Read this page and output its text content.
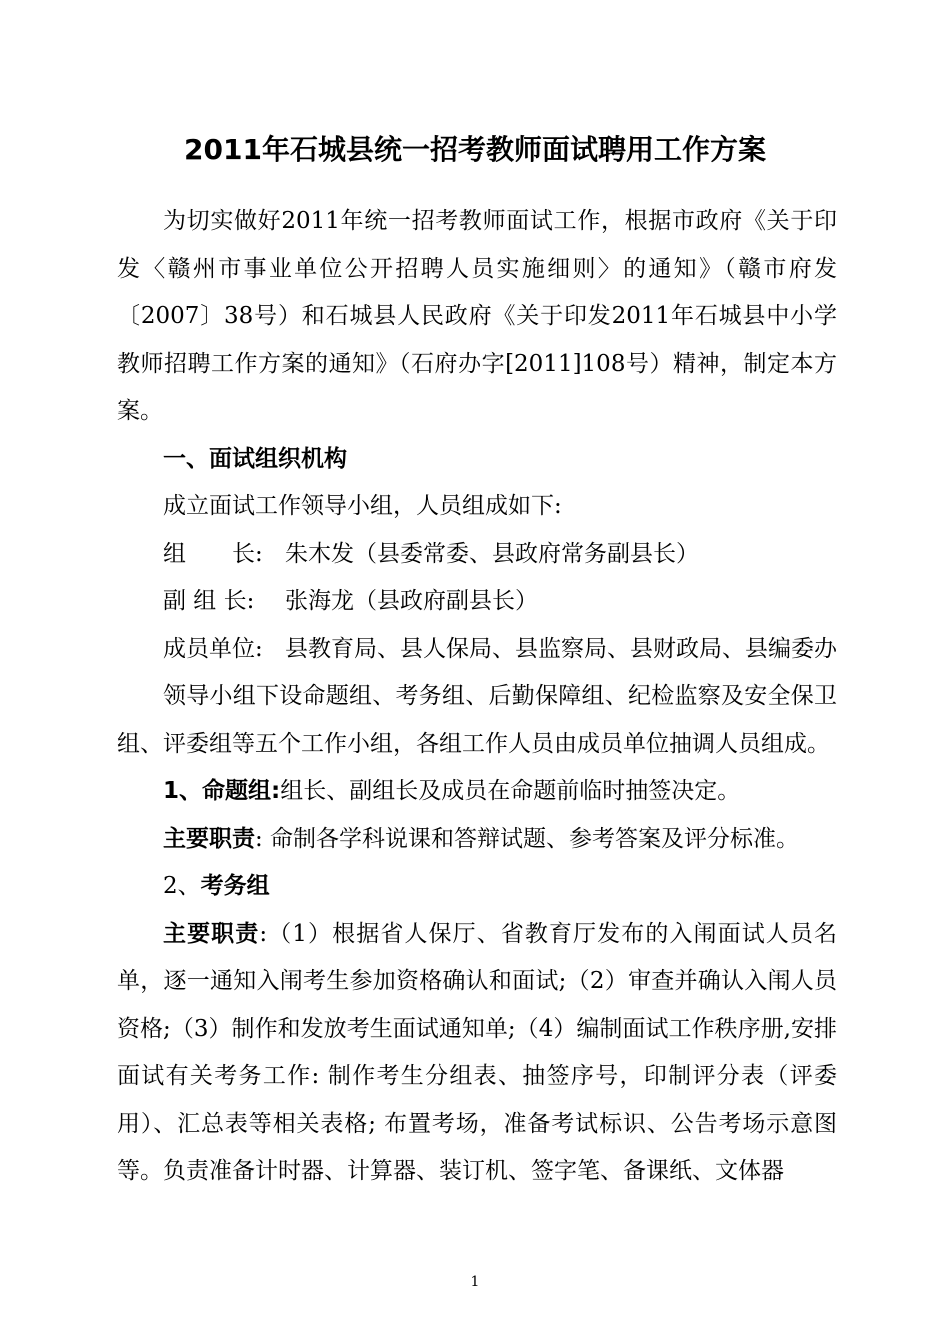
2011年石城县统一招考教师面试聘用工作方案

为切实做好2011年统一招考教师面试工作，根据市政府《关于印发〈赣州市事业单位公开招聘人员实施细则〉的通知》（赣市府发〔2007〕38号）和石城县人民政府《关于印发2011年石城县中小学教师招聘工作方案的通知》（石府办字[2011]108号）精神，制定本方案。

一、面试组织机构

成立面试工作领导小组，人员组成如下:

组　　长: 朱木发（县委常委、县政府常务副县长）
副 组 长:	张海龙（县政府副县长）
成员单位: 县教育局、县人保局、县监察局、县财政局、县编委办

领导小组下设命题组、考务组、后勤保障组、纪检监察及安全保卫组、评委组等五个工作小组，各组工作人员由成员单位抽调人员组成。

1、命题组:组长、副组长及成员在命题前临时抽签决定。

主要职责: 命制各学科说课和答辩试题、参考答案及评分标准。

2、考务组

主要职责:（1）根据省人保厅、省教育厅发布的入闱面试人员名单，逐一通知入闱考生参加资格确认和面试;（2）审查并确认入闱人员资格;（3）制作和发放考生面试通知单;（4）编制面试工作秩序册,安排面试有关考务工作: 制作考生分组表、抽签序号，印制评分表（评委用）、汇总表等相关表格; 布置考场，准备考试标识、公告考场示意图等。负责准备计时器、计算器、装订机、签字笔、备课纸、文体器

1
